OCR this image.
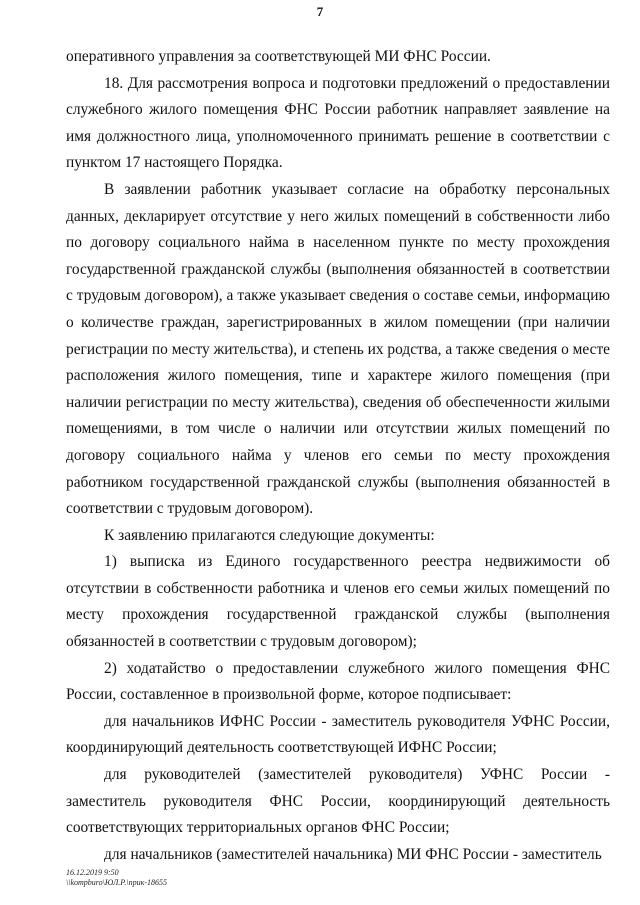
7

оперативного управления за соответствующей МИ ФНС России.

18. Для рассмотрения вопроса и подготовки предложений о предоставлении служебного жилого помещения ФНС России работник направляет заявление на имя должностного лица, уполномоченного принимать решение в соответствии с пунктом 17 настоящего Порядка.

В заявлении работник указывает согласие на обработку персональных данных, декларирует отсутствие у него жилых помещений в собственности либо по договору социального найма в населенном пункте по месту прохождения государственной гражданской службы (выполнения обязанностей в соответствии с трудовым договором), а также указывает сведения о составе семьи, информацию о количестве граждан, зарегистрированных в жилом помещении (при наличии регистрации по месту жительства), и степень их родства, а также сведения о месте расположения жилого помещения, типе и характере жилого помещения (при наличии регистрации по месту жительства), сведения об обеспеченности жилыми помещениями, в том числе о наличии или отсутствии жилых помещений по договору социального найма у членов его семьи по месту прохождения работником государственной гражданской службы (выполнения обязанностей в соответствии с трудовым договором).

К заявлению прилагаются следующие документы:

1) выписка из Единого государственного реестра недвижимости об отсутствии в собственности работника и членов его семьи жилых помещений по месту прохождения государственной гражданской службы (выполнения обязанностей в соответствии с трудовым договором);

2) ходатайство о предоставлении служебного жилого помещения ФНС России, составленное в произвольной форме, которое подписывает:

для начальников ИФНС России - заместитель руководителя УФНС России, координирующий деятельность соответствующей ИФНС России;

для руководителей (заместителей руководителя) УФНС России - заместитель руководителя ФНС России, координирующий деятельность соответствующих территориальных органов ФНС России;

для начальников (заместителей начальника) МИ ФНС России - заместитель

16.12.2019 9:50
\\kompburo\ЮЛ.Р.\npuк-18655
